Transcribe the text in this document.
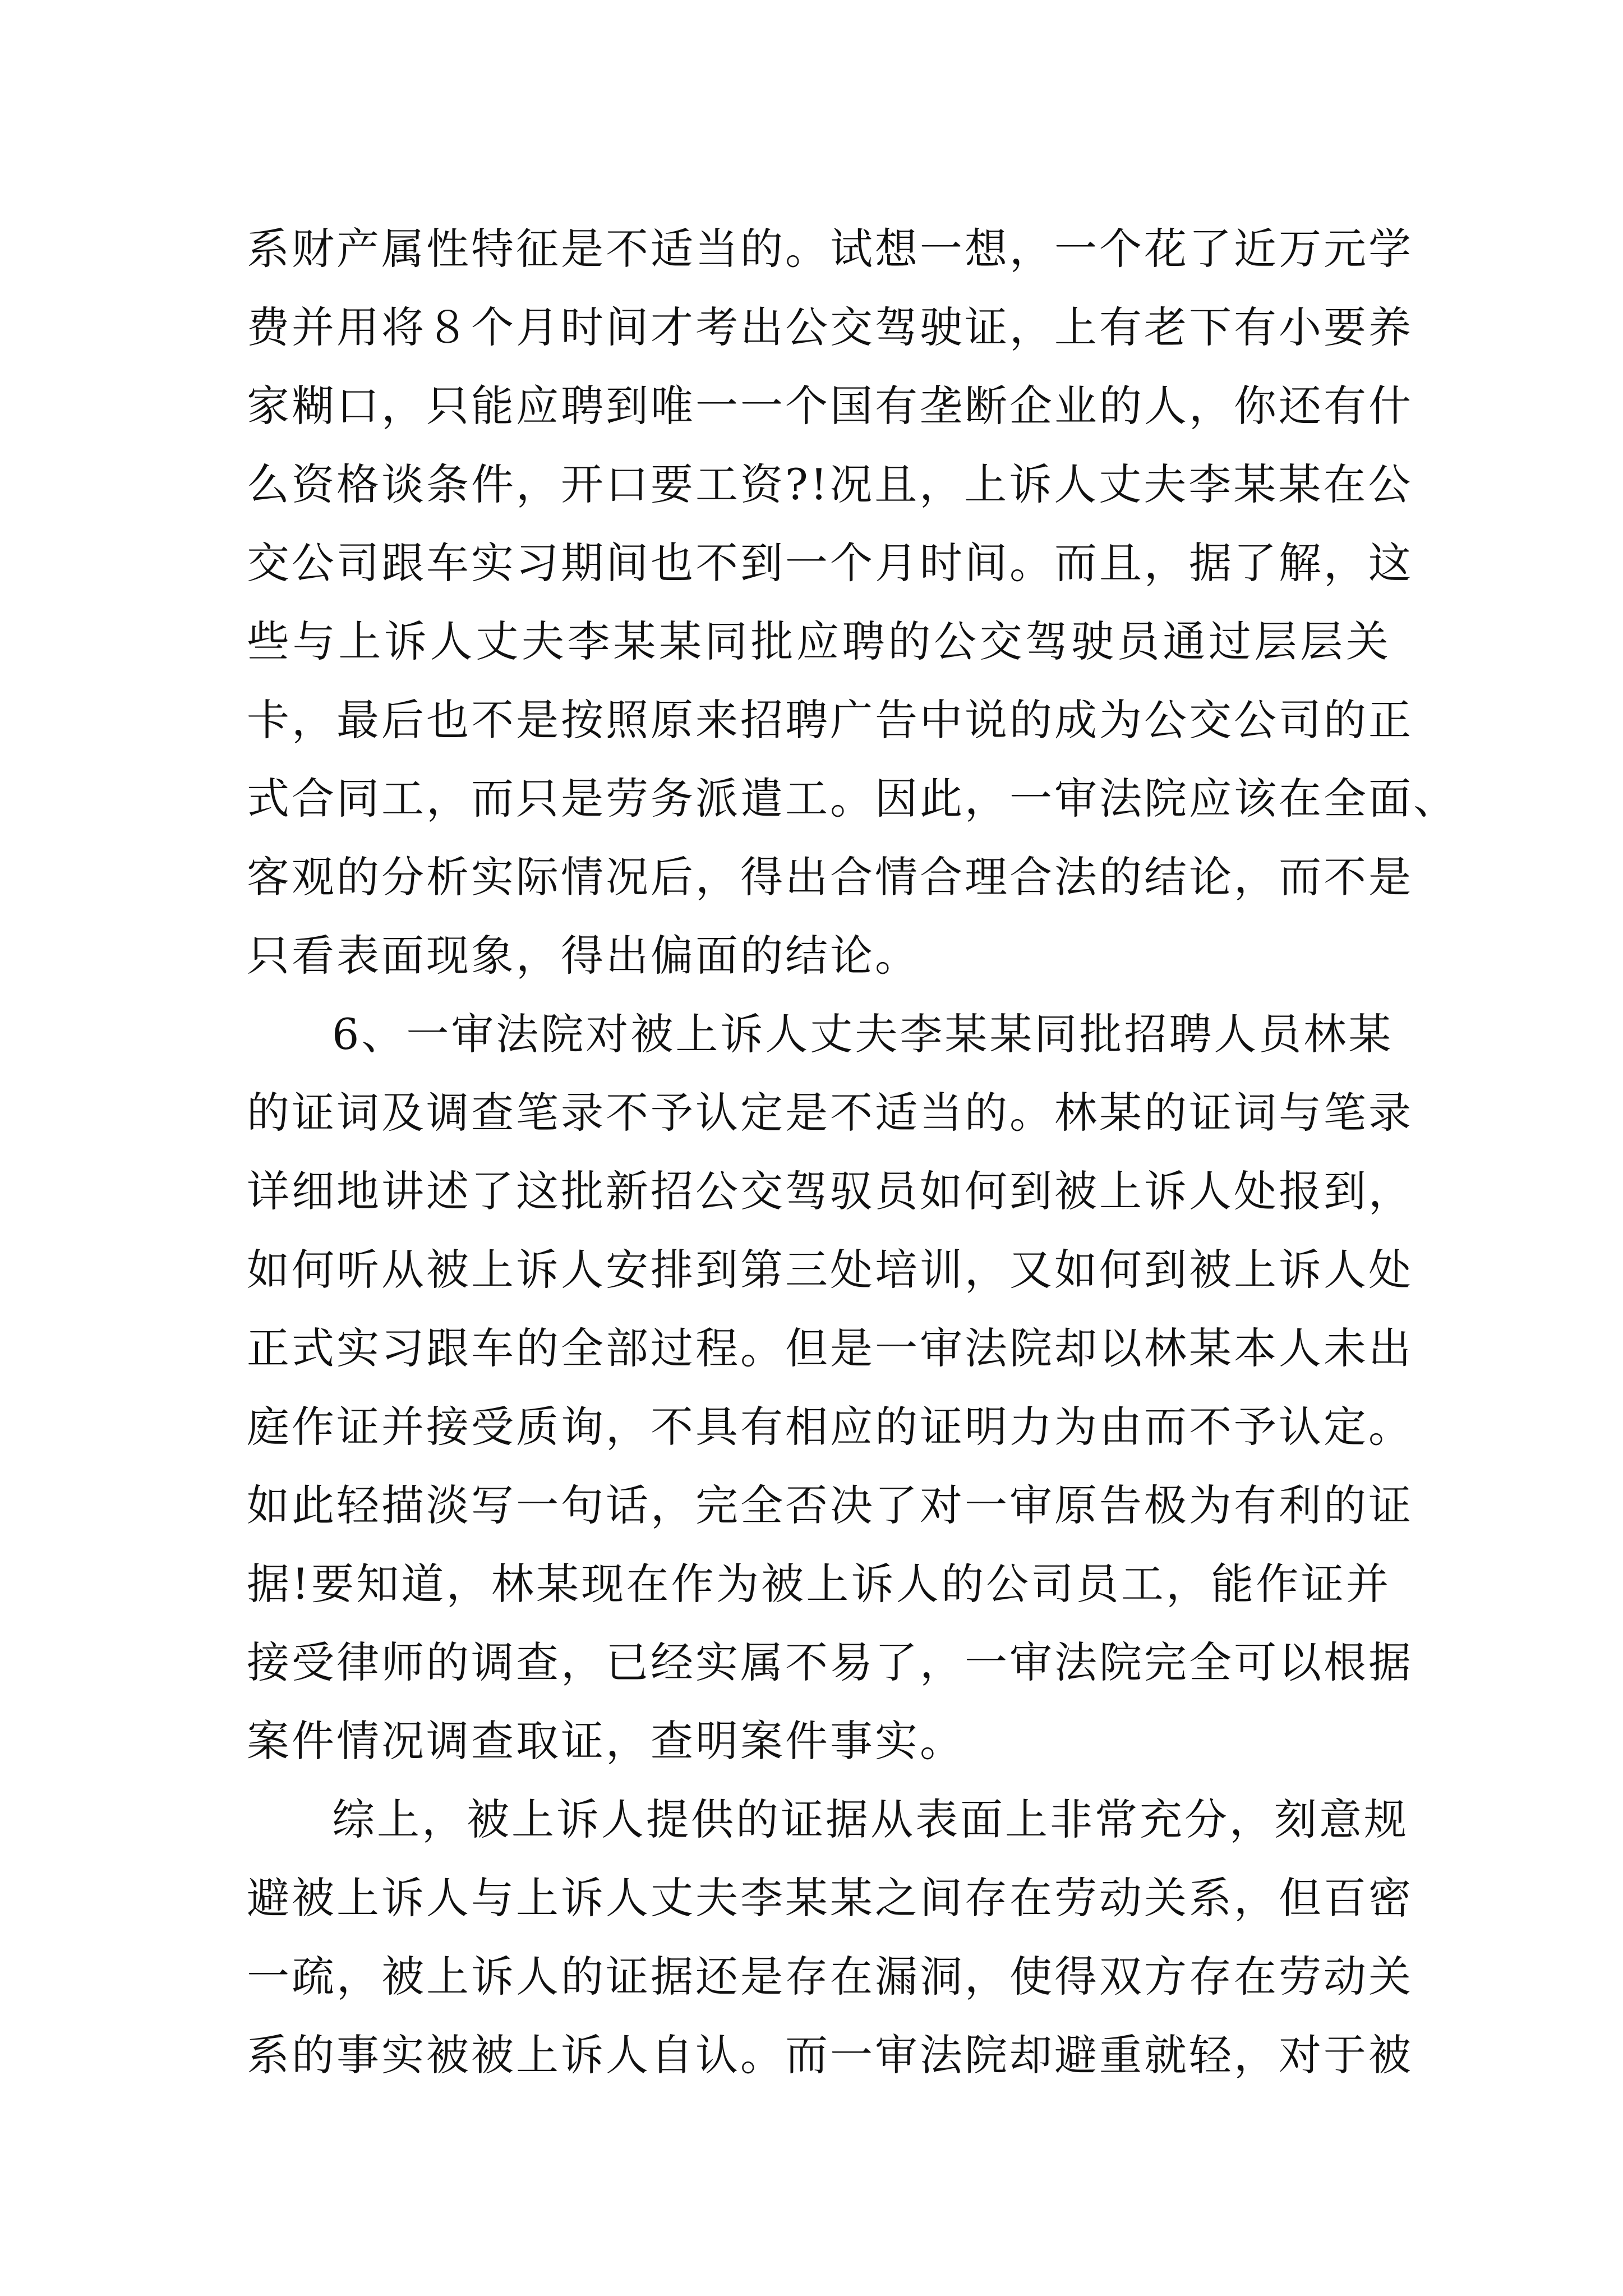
系财产属性特征是不适当的。试想一想，一个花了近万元学
费并用将８个月时间才考出公交驾驶证，上有老下有小要养
家糊口，只能应聘到唯一一个国有垄断企业的人，你还有什
么资格谈条件，开口要工资?!况且，上诉人丈夫李某某在公
交公司跟车实习期间也不到一个月时间。而且，据了解，这
些与上诉人丈夫李某某同批应聘的公交驾驶员通过层层关
卡，最后也不是按照原来招聘广告中说的成为公交公司的正
式合同工，而只是劳务派遣工。因此，一审法院应该在全面、
客观的分析实际情况后，得出合情合理合法的结论，而不是
只看表面现象，得出偏面的结论。
6、一审法院对被上诉人丈夫李某某同批招聘人员林某
的证词及调查笔录不予认定是不适当的。林某的证词与笔录
详细地讲述了这批新招公交驾驭员如何到被上诉人处报到，
如何听从被上诉人安排到第三处培训，又如何到被上诉人处
正式实习跟车的全部过程。但是一审法院却以林某本人未出
庭作证并接受质询，不具有相应的证明力为由而不予认定。
如此轻描淡写一句话，完全否决了对一审原告极为有利的证
据!要知道，林某现在作为被上诉人的公司员工，能作证并
接受律师的调查，已经实属不易了，一审法院完全可以根据
案件情况调查取证，查明案件事实。
综上，被上诉人提供的证据从表面上非常充分，刻意规
避被上诉人与上诉人丈夫李某某之间存在劳动关系，但百密
一疏，被上诉人的证据还是存在漏洞，使得双方存在劳动关
系的事实被被上诉人自认。而一审法院却避重就轻，对于被
